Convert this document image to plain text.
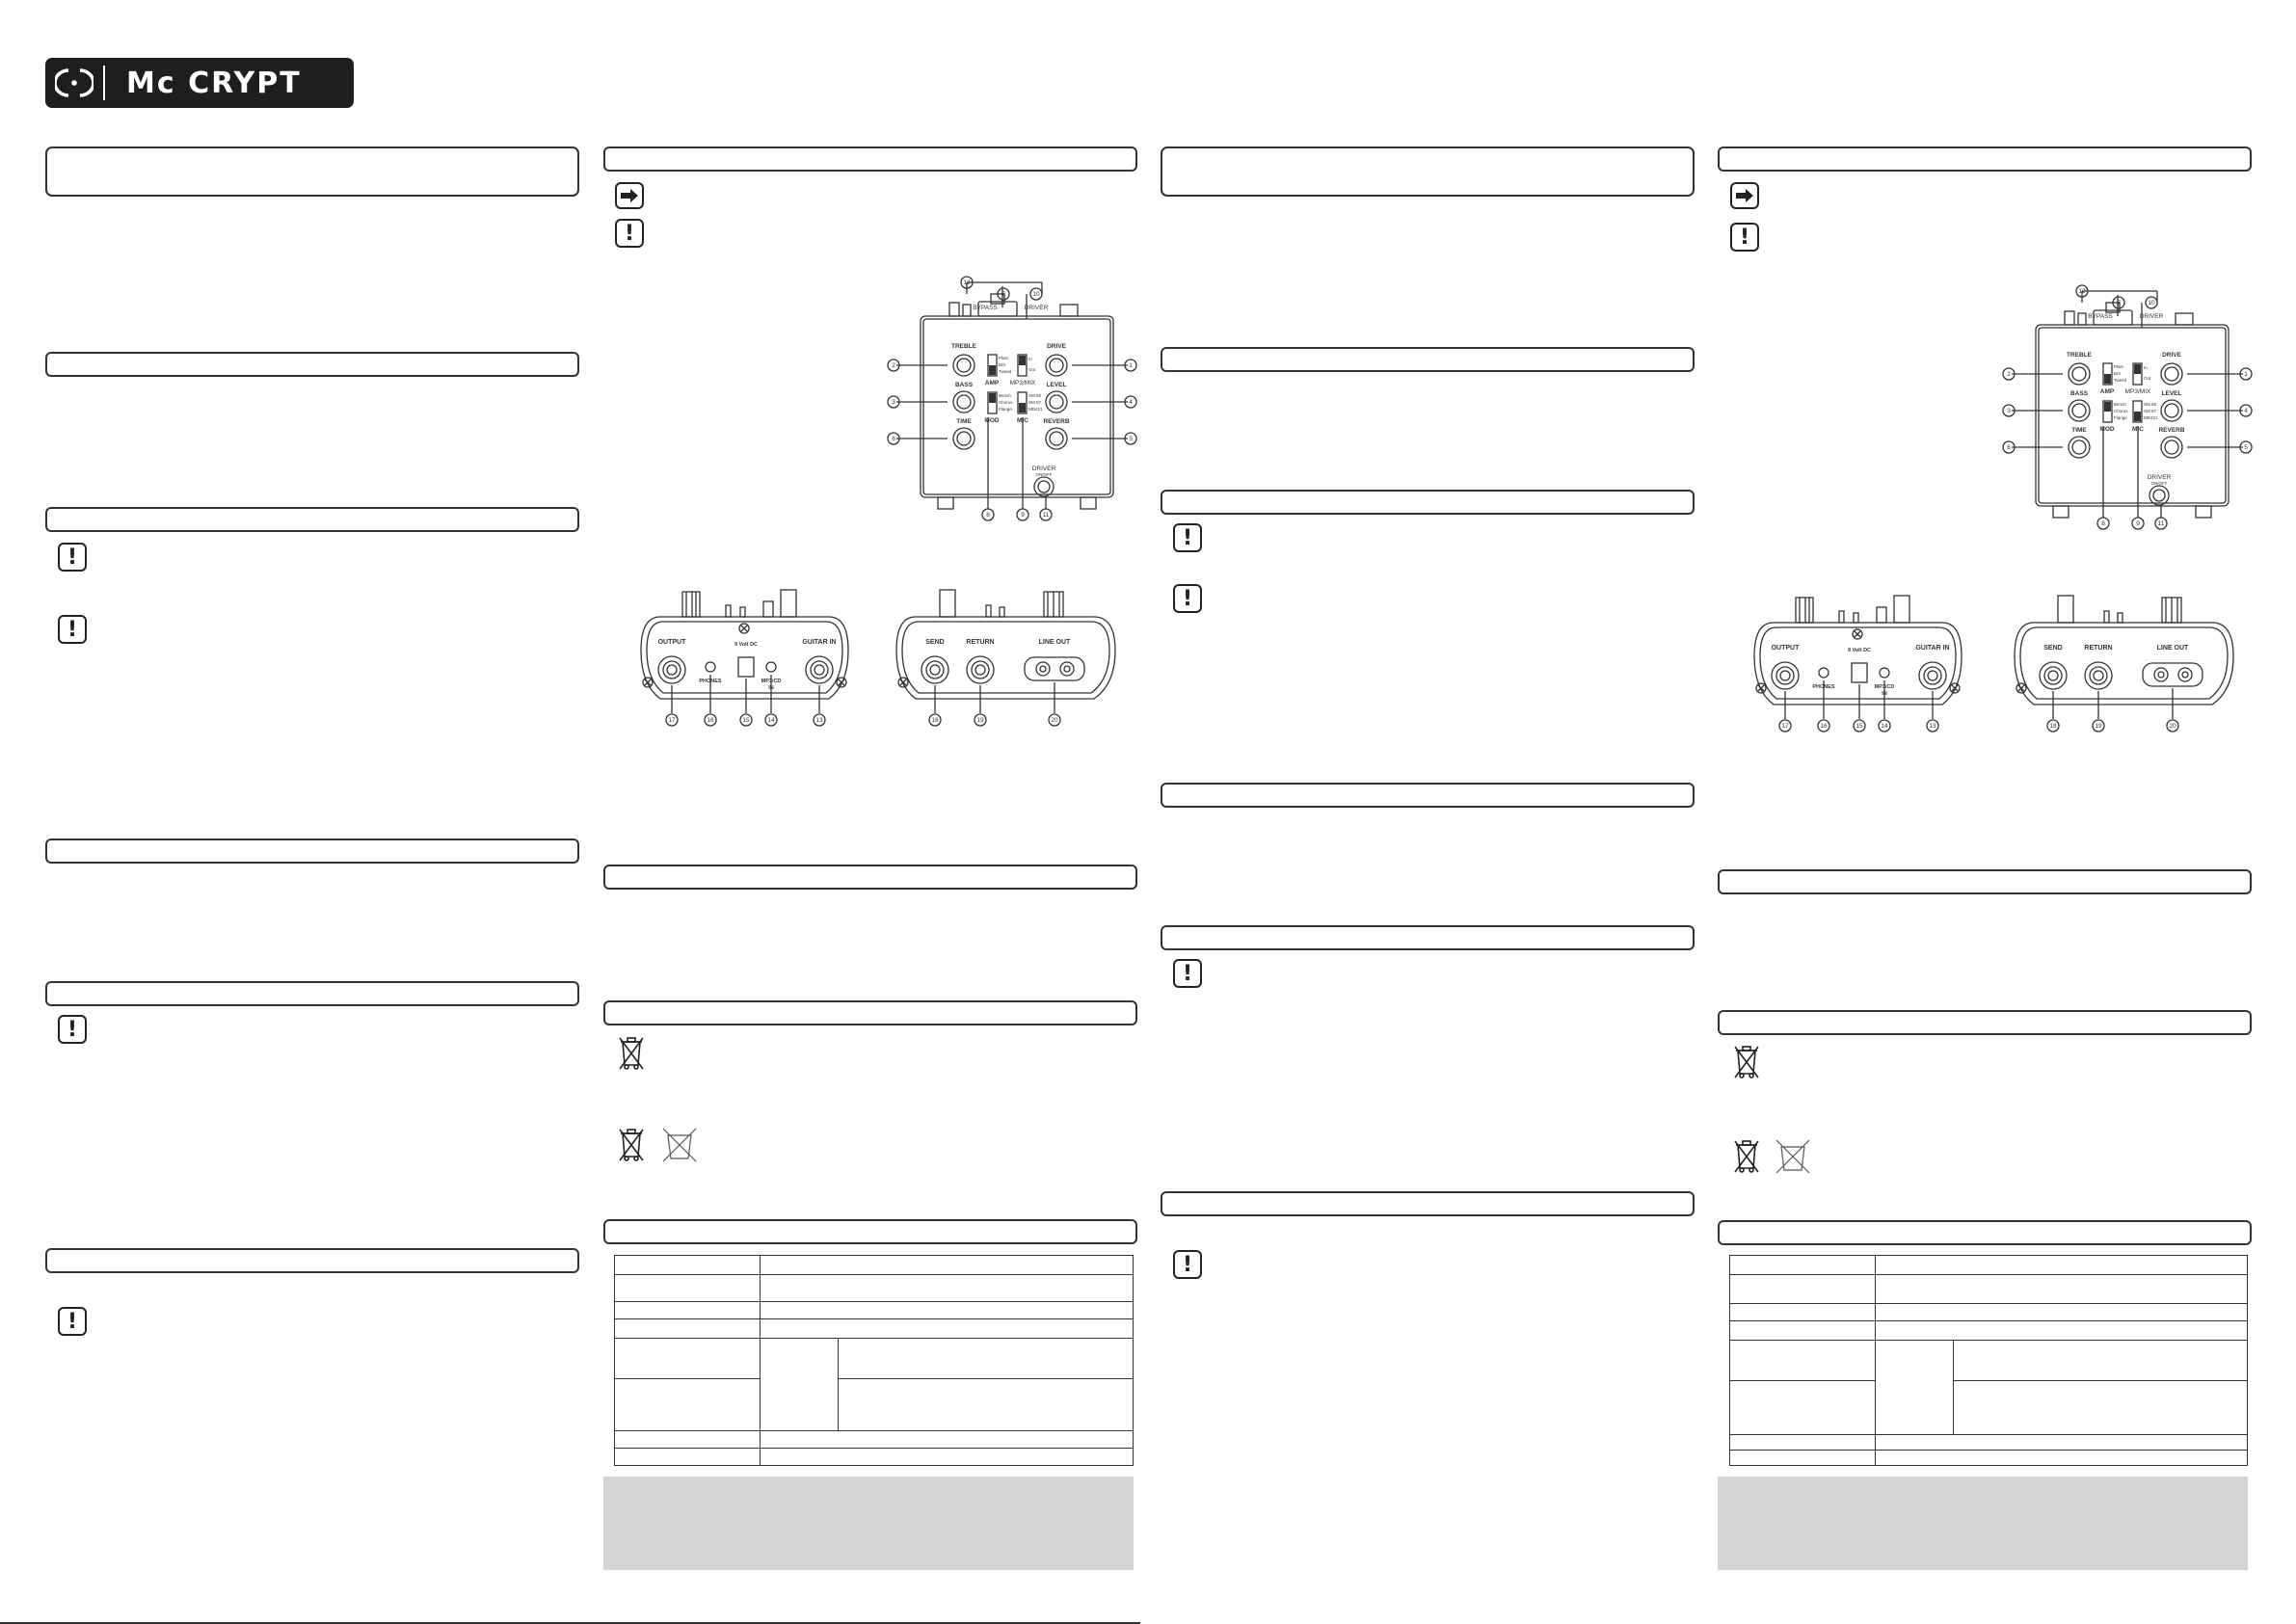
Mc CRYPT
!
!
!
!
!
BYPASS	DRIVER
TREBLE
BASS
TIME
DRIVE
LEVEL
REVERB
AMP
MOD
MP3/MIX
MIC
DRIVER
ON/OFF
Plain
Brit
Tweed
Bench
Chorus
Flange
In
Out
SM 58
SM 57
MD421
12
7	10
2	1
3	4
6	5
8	9	11
OUTPUT
PHONES
9 Volt DC
MP3/CD
IN
GUITAR IN
17	16	15	14	13
SEND	RETURN	LINE OUT
18	19	20

!
!
!
!
!
BYPASS	DRIVER
TREBLE
BASS
TIME
DRIVE
LEVEL
REVERB
AMP
MOD
MP3/MIX
MIC
DRIVER
ON/OFF
Plain
Brit
Tweed
Bench
Chorus
Flange
In
Out
SM 58
SM 57
MD421
12
7	10
2	1
3	4
6	5
8	9	11
OUTPUT
PHONES
9 Volt DC
MP3/CD
IN
GUITAR IN
17	16	15	14	13
SEND	RETURN	LINE OUT
18	19	20
